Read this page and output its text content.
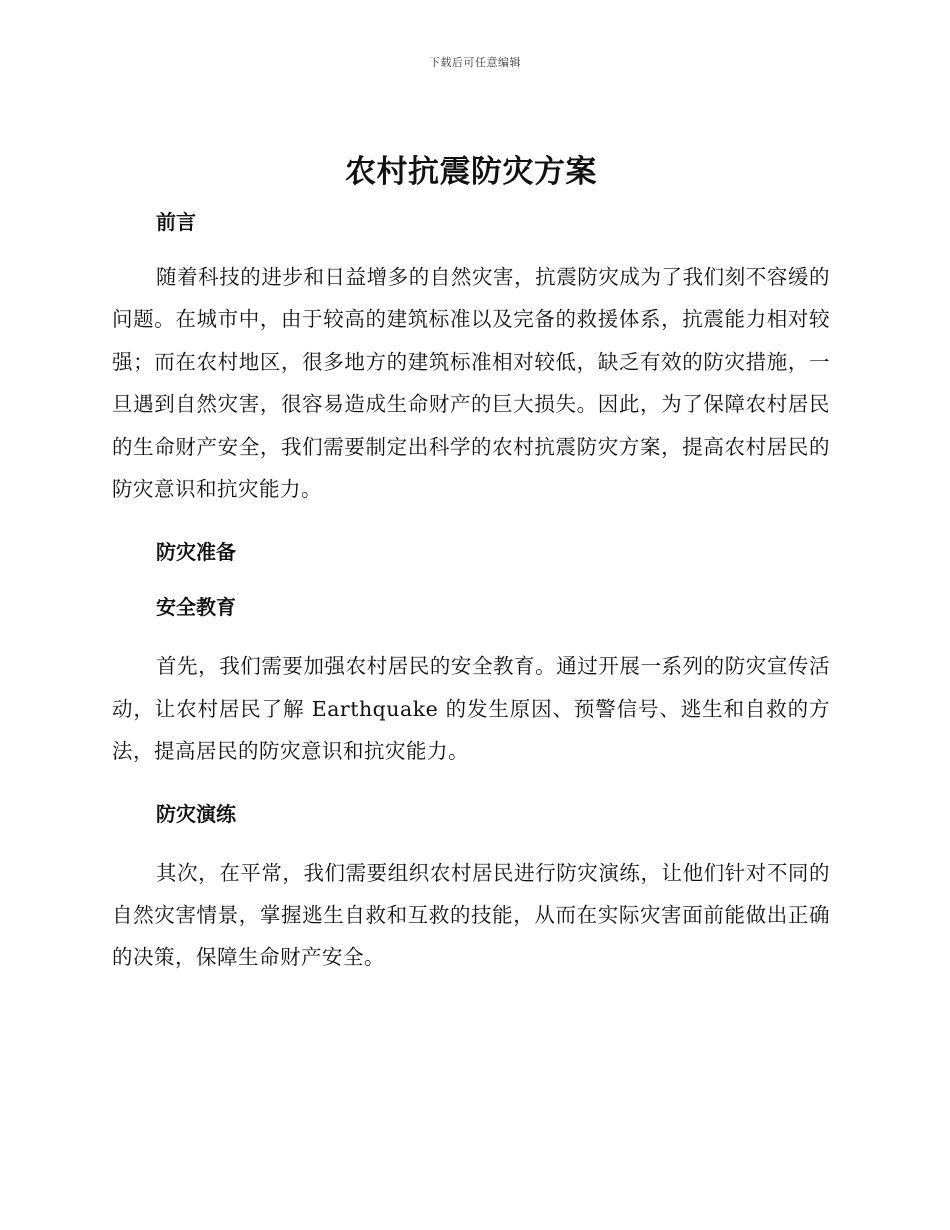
下载后可任意编辑
农村抗震防灾方案
前言

随着科技的进步和日益增多的自然灾害，抗震防灾成为了我们刻不容缓的问题。在城市中，由于较高的建筑标准以及完备的救援体系，抗震能力相对较强；而在农村地区，很多地方的建筑标准相对较低，缺乏有效的防灾措施，一旦遇到自然灾害，很容易造成生命财产的巨大损失。因此，为了保障农村居民的生命财产安全，我们需要制定出科学的农村抗震防灾方案，提高农村居民的防灾意识和抗灾能力。

防灾准备
安全教育

首先，我们需要加强农村居民的安全教育。通过开展一系列的防灾宣传活动，让农村居民了解 Earthquake 的发生原因、预警信号、逃生和自救的方法，提高居民的防灾意识和抗灾能力。

防灾演练

其次，在平常，我们需要组织农村居民进行防灾演练，让他们针对不同的自然灾害情景，掌握逃生自救和互救的技能，从而在实际灾害面前能做出正确的决策，保障生命财产安全。
